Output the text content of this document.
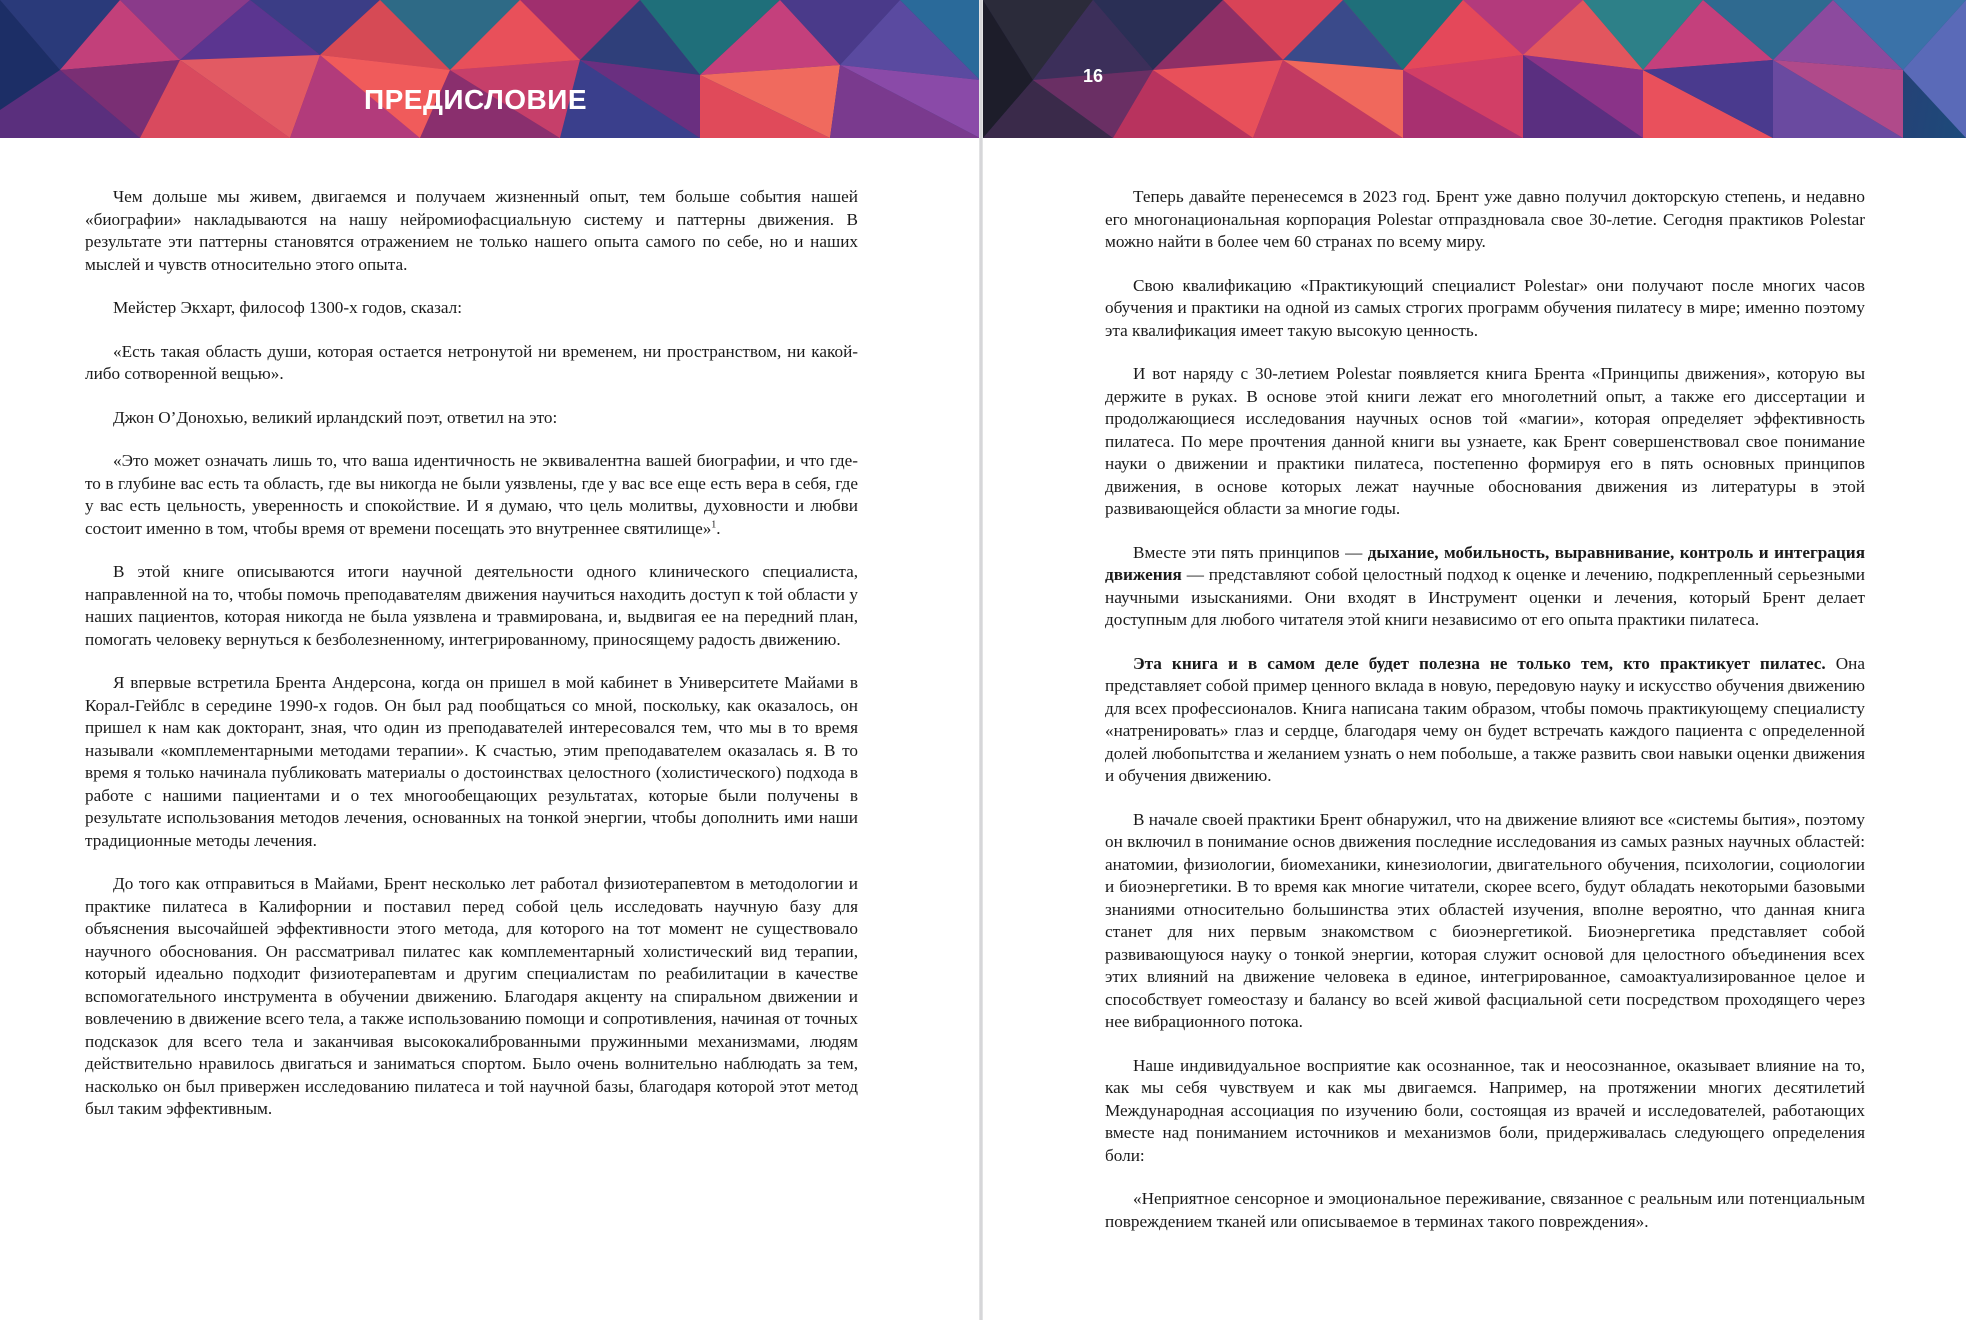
ПРЕДИСЛОВИЕ

Чем дольше мы живем, двигаемся и получаем жизненный опыт, тем больше события нашей «биографии» накладываются на нашу нейромиофасциальную систему и паттерны движения. В результате эти паттерны становятся отражением не только нашего опыта самого по себе, но и наших мыслей и чувств относительно этого опыта.

Мейстер Экхарт, философ 1300-х годов, сказал:

«Есть такая область души, которая остается нетронутой ни временем, ни пространством, ни какой-либо сотворенной вещью».

Джон О’Донохью, великий ирландский поэт, ответил на это:

«Это может означать лишь то, что ваша идентичность не эквивалентна вашей биографии, и что где-то в глубине вас есть та область, где вы никогда не были уязвлены, где у вас все еще есть вера в себя, где у вас есть цельность, уверенность и спокойствие. И я думаю, что цель молитвы, духовности и любви состоит именно в том, чтобы время от времени посещать это внутреннее святилище»$^1$.

В этой книге описываются итоги научной деятельности одного клинического специалиста, направленной на то, чтобы помочь преподавателям движения научиться находить доступ к той области у наших пациентов, которая никогда не была уязвлена и травмирована, и, выдвигая ее на передний план, помогать человеку вернуться к безболезненному, интегрированному, приносящему радость движению.

Я впервые встретила Брента Андерсона, когда он пришел в мой кабинет в Университете Майами в Корал-Гейблс в середине 1990-х годов. Он был рад пообщаться со мной, поскольку, как оказалось, он пришел к нам как докторант, зная, что один из преподавателей интересовался тем, что мы в то время называли «комплементарными методами терапии». К счастью, этим преподавателем оказалась я. В то время я только начинала публиковать материалы о достоинствах целостного (холистического) подхода в работе с нашими пациентами и о тех многообещающих результатах, которые были получены в результате использования методов лечения, основанных на тонкой энергии, чтобы дополнить ими наши традиционные методы лечения.

До того как отправиться в Майами, Брент несколько лет работал физиотерапевтом в методологии и практике пилатеса в Калифорнии и поставил перед собой цель исследовать научную базу для объяснения высочайшей эффективности этого метода, для которого на тот момент не существовало научного обоснования. Он рассматривал пилатес как комплементарный холистический вид терапии, который идеально подходит физиотерапевтам и другим специалистам по реабилитации в качестве вспомогательного инструмента в обучении движению. Благодаря акценту на спиральном движении и вовлечению в движение всего тела, а также использованию помощи и сопротивления, начиная от точных подсказок для всего тела и заканчивая высококалиброванными пружинными механизмами, людям действительно нравилось двигаться и заниматься спортом. Было очень волнительно наблюдать за тем, насколько он был привержен исследованию пилатеса и той научной базы, благодаря которой этот метод был таким эффективным.

16

Теперь давайте перенесемся в 2023 год. Брент уже давно получил докторскую степень, и недавно его многонациональная корпорация Polestar отпраздновала свое 30-летие. Сегодня практиков Polestar можно найти в более чем 60 странах по всему миру.

Свою квалификацию «Практикующий специалист Polestar» они получают после многих часов обучения и практики на одной из самых строгих программ обучения пилатесу в мире; именно поэтому эта квалификация имеет такую высокую ценность.

И вот наряду с 30-летием Polestar появляется книга Брента «Принципы движения», которую вы держите в руках. В основе этой книги лежат его многолетний опыт, а также его диссертации и продолжающиеся исследования научных основ той «магии», которая определяет эффективность пилатеса. По мере прочтения данной книги вы узнаете, как Брент совершенствовал свое понимание науки о движении и практики пилатеса, постепенно формируя его в пять основных принципов движения, в основе которых лежат научные обоснования движения из литературы в этой развивающейся области за многие годы.

Вместе эти пять принципов — дыхание, мобильность, выравнивание, контроль и интеграция движения — представляют собой целостный подход к оценке и лечению, подкрепленный серьезными научными изысканиями. Они входят в Инструмент оценки и лечения, который Брент делает доступным для любого читателя этой книги независимо от его опыта практики пилатеса.

Эта книга и в самом деле будет полезна не только тем, кто практикует пилатес. Она представляет собой пример ценного вклада в новую, передовую науку и искусство обучения движению для всех профессионалов. Книга написана таким образом, чтобы помочь практикующему специалисту «натренировать» глаз и сердце, благодаря чему он будет встречать каждого пациента с определенной долей любопытства и желанием узнать о нем побольше, а также развить свои навыки оценки движения и обучения движению.

В начале своей практики Брент обнаружил, что на движение влияют все «системы бытия», поэтому он включил в понимание основ движения последние исследования из самых разных научных областей: анатомии, физиологии, биомеханики, кинезиологии, двигательного обучения, психологии, социологии и биоэнергетики. В то время как многие читатели, скорее всего, будут обладать некоторыми базовыми знаниями относительно большинства этих областей изучения, вполне вероятно, что данная книга станет для них первым знакомством с биоэнергетикой. Биоэнергетика представляет собой развивающуюся науку о тонкой энергии, которая служит основой для целостного объединения всех этих влияний на движение человека в единое, интегрированное, самоактуализированное целое и способствует гомеостазу и балансу во всей живой фасциальной сети посредством проходящего через нее вибрационного потока.

Наше индивидуальное восприятие как осознанное, так и неосознанное, оказывает влияние на то, как мы себя чувствуем и как мы двигаемся. Например, на протяжении многих десятилетий Международная ассоциация по изучению боли, состоящая из врачей и исследователей, работающих вместе над пониманием источников и механизмов боли, придерживалась следующего определения боли:

«Неприятное сенсорное и эмоциональное переживание, связанное с реальным или потенциальным повреждением тканей или описываемое в терминах такого повреждения».
